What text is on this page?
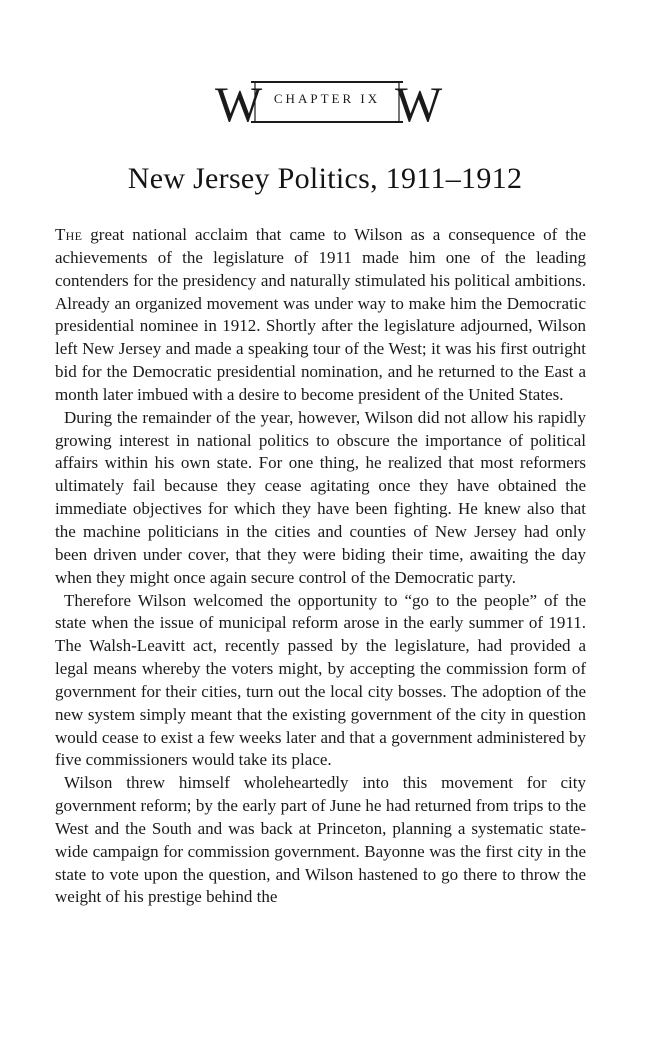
W	W
CHAPTER IX
New Jersey Politics, 1911–1912

The great national acclaim that came to Wilson as a consequence of the achievements of the legislature of 1911 made him one of the leading contenders for the presidency and naturally stimulated his political ambitions. Already an organized movement was under way to make him the Democratic presidential nominee in 1912. Shortly after the legislature adjourned, Wilson left New Jersey and made a speaking tour of the West; it was his first outright bid for the Democratic presidential nomination, and he returned to the East a month later imbued with a desire to become president of the United States.

During the remainder of the year, however, Wilson did not allow his rapidly growing interest in national politics to obscure the importance of political affairs within his own state. For one thing, he realized that most reformers ultimately fail because they cease agitating once they have obtained the immediate objectives for which they have been fighting. He knew also that the machine politicians in the cities and counties of New Jersey had only been driven under cover, that they were biding their time, awaiting the day when they might once again secure control of the Democratic party.

Therefore Wilson welcomed the opportunity to “go to the people” of the state when the issue of municipal reform arose in the early summer of 1911. The Walsh-Leavitt act, recently passed by the legislature, had provided a legal means whereby the voters might, by accepting the commission form of government for their cities, turn out the local city bosses. The adoption of the new system simply meant that the existing government of the city in question would cease to exist a few weeks later and that a government administered by five commissioners would take its place.

Wilson threw himself wholeheartedly into this movement for city government reform; by the early part of June he had returned from trips to the West and the South and was back at Princeton, planning a systematic state-wide campaign for commission government. Bayonne was the first city in the state to vote upon the question, and Wilson hastened to go there to throw the weight of his prestige behind the
